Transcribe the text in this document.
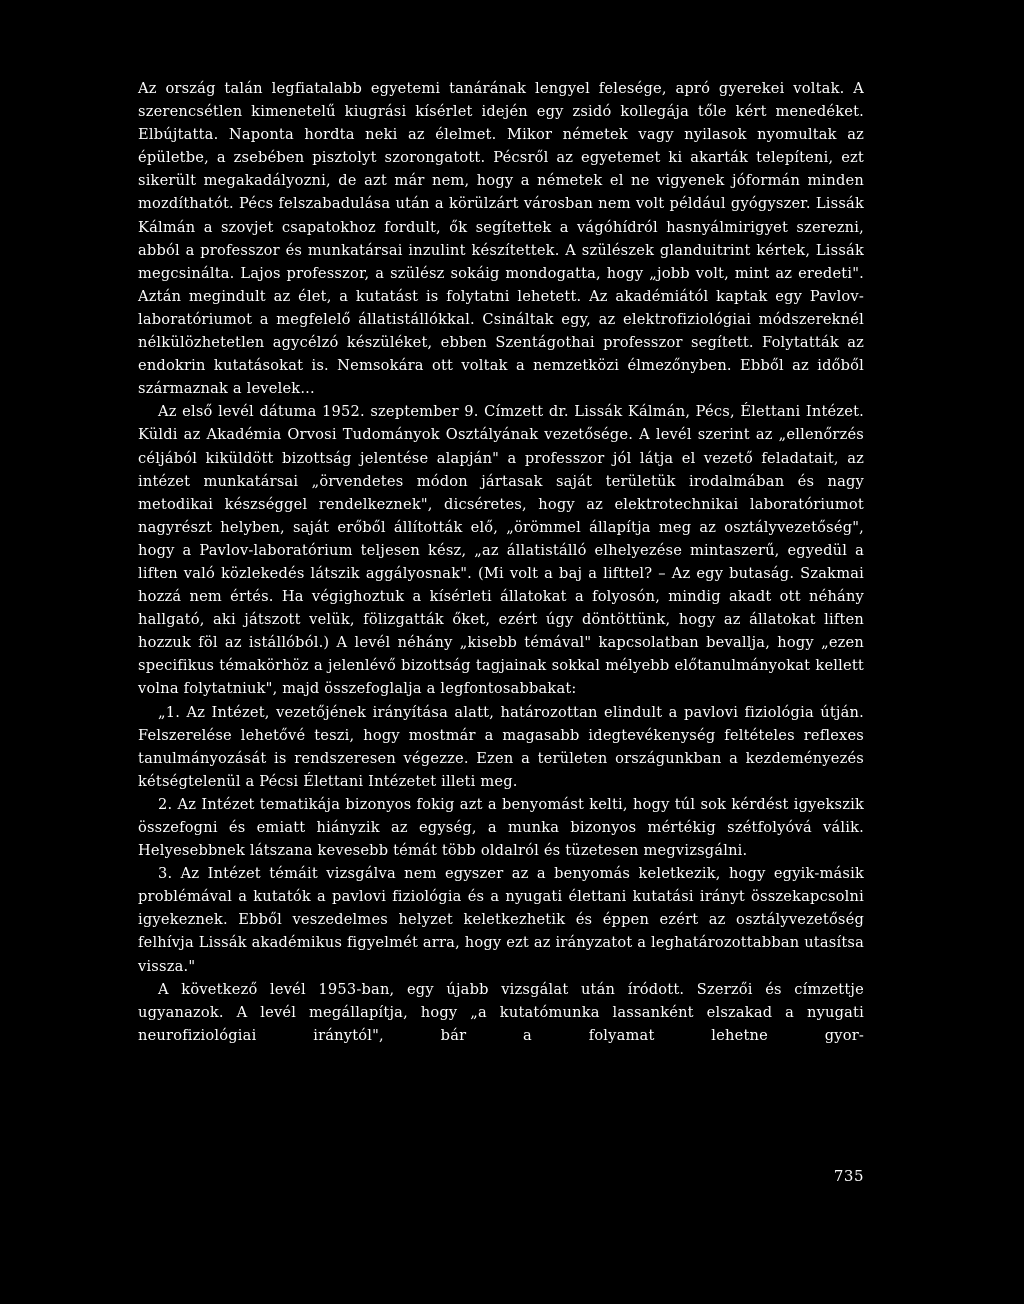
Az ország talán legfiatalabb egyetemi tanárának lengyel felesége, apró gyerekei voltak. A szerencsétlen kimenetelű kiugrási kísérlet idején egy zsidó kollegája tőle kért menedéket. Elbújtatta. Naponta hordta neki az élelmet. Mikor németek vagy nyilasok nyomultak az épületbe, a zsebében pisztolyt szorongatott. Pécsről az egyetemet ki akarták telepíteni, ezt sikerült megakadályozni, de azt már nem, hogy a németek el ne vigyenek jóformán minden mozdíthatót. Pécs felszabadulása után a körülzárt városban nem volt például gyógyszer. Lissák Kálmán a szovjet csapatokhoz fordult, ők segítettek a vágóhídról hasnyálmirigyet szerezni, abból a professzor és munkatársai inzulint készítettek. A szülészek glanduitrint kértek, Lissák megcsinálta. Lajos professzor, a szülész sokáig mondogatta, hogy „jobb volt, mint az eredeti". Aztán megindult az élet, a kutatást is folytatni lehetett. Az akadémiától kaptak egy Pavlov-laboratóriumot a megfelelő állatistállókkal. Csináltak egy, az elektrofiziológiai módszereknél nélkülözhetetlen agycélzó készüléket, ebben Szentágothai professzor segített. Folytatták az endokrin kutatásokat is. Nemsokára ott voltak a nemzetközi élmezőnyben. Ebből az időből származnak a levelek...

Az első levél dátuma 1952. szeptember 9. Címzett dr. Lissák Kálmán, Pécs, Élettani Intézet. Küldi az Akadémia Orvosi Tudományok Osztályának vezetősége. A levél szerint az „ellenőrzés céljából kiküldött bizottság jelentése alapján" a professzor jól látja el vezető feladatait, az intézet munkatársai „örvendetes módon jártasak saját területük irodalmában és nagy metodikai készséggel rendelkeznek", dicséretes, hogy az elektrotechnikai laboratóriumot nagyrészt helyben, saját erőből állították elő, „örömmel állapítja meg az osztályvezetőség", hogy a Pavlov-laboratórium teljesen kész, „az állatistálló elhelyezése mintaszerű, egyedül a liften való közlekedés látszik aggályosnak". (Mi volt a baj a lifttel? – Az egy butaság. Szakmai hozzá nem értés. Ha végighoztuk a kísérleti állatokat a folyosón, mindig akadt ott néhány hallgató, aki játszott velük, fölizgatták őket, ezért úgy döntöttünk, hogy az állatokat liften hozzuk föl az istállóból.) A levél néhány „kisebb témával" kapcsolatban bevallja, hogy „ezen specifikus témakörhöz a jelenlévő bizottság tagjainak sokkal mélyebb előtanulmányokat kellett volna folytatniuk", majd összefoglalja a legfontosabbakat:

„1. Az Intézet, vezetőjének irányítása alatt, határozottan elindult a pavlovi fiziológia útján. Felszerelése lehetővé teszi, hogy mostmár a magasabb idegtevékenység feltételes reflexes tanulmányozását is rendszeresen végezze. Ezen a területen országunkban a kezdeményezés kétségtelenül a Pécsi Élettani Intézetet illeti meg.

2. Az Intézet tematikája bizonyos fokig azt a benyomást kelti, hogy túl sok kérdést igyekszik összefogni és emiatt hiányzik az egység, a munka bizonyos mértékig szétfolyóvá válik. Helyesebbnek látszana kevesebb témát több oldalról és tüzetesen megvizsgálni.

3. Az Intézet témáit vizsgálva nem egyszer az a benyomás keletkezik, hogy egyik-másik problémával a kutatók a pavlovi fiziológia és a nyugati élettani kutatási irányt összekapcsolni igyekeznek. Ebből veszedelmes helyzet keletkezhetik és éppen ezért az osztályvezetőség felhívja Lissák akadémikus figyelmét arra, hogy ezt az irányzatot a leghatározottabban utasítsa vissza."

A következő levél 1953-ban, egy újabb vizsgálat után íródott. Szerzői és címzettje ugyanazok. A levél megállapítja, hogy „a kutatómunka lassanként elszakad a nyugati neurofiziológiai iránytól", bár a folyamat lehetne gyor-

735
